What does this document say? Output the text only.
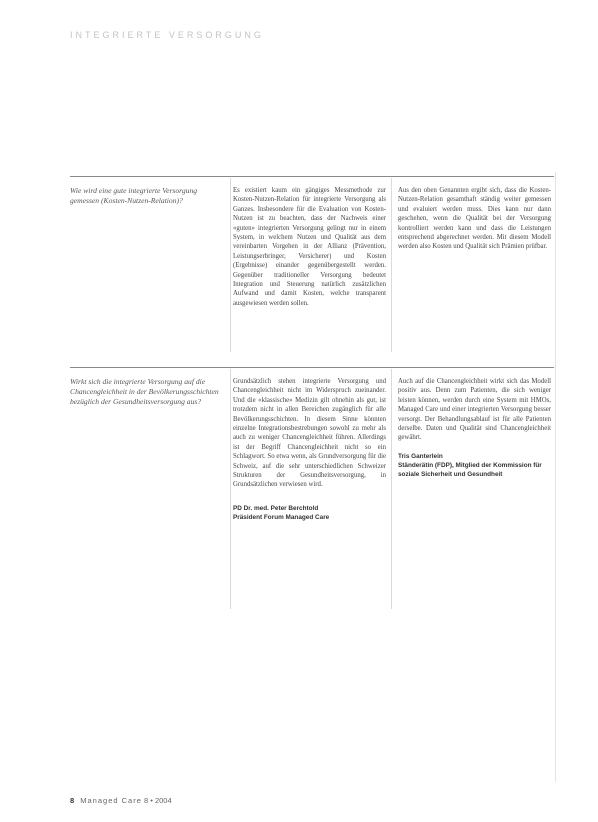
INTEGRIERTE VERSORGUNG
Wie wird eine gute integrierte Versorgung gemessen (Kosten-Nutzen-Relation)?
Es existiert kaum ein gängiges Messmethode zur Kosten-Nutzen-Relation für integrierte Versorgung als Ganzes. Insbesondere für die Evaluation von Kosten-Nutzen ist zu beachten, dass der Nachweis einer «guten» integrierten Versorgung gelingt nur in einem System, in welchem Nutzen und Qualität aus dem vereinbarten Vorgehen in der Allianz (Prävention, Leistungserbringer, Versicherer) und Kosten (Ergebnisse) einander gegenübergestellt werden. Gegenüber traditioneller Versorgung bedeutet Integration und Steuerung natürlich zusätzlichen Aufwand und damit Kosten, welche transparent ausgewiesen werden sollen.
Aus den oben Genannten ergibt sich, dass die Kosten-Nutzen-Relation gesamthaft ständig weiter gemessen und evaluiert werden muss. Dies kann nur dann geschehen, wenn die Qualität bei der Versorgung kontrolliert werden kann und dass die Leistungen entsprechend abgerechnet werden. Mit diesem Modell werden also Kosten und Qualität sich Prämien prüfbar.
Wirkt sich die integrierte Versorgung auf die Chancengleichheit in der Bevölkerungsschichten bezüglich der Gesundheitsversorgung aus?
Grundsätzlich stehen integrierte Versorgung und Chancengleichheit nicht im Widerspruch zueinander. Und die «klassische» Medizin gilt ohnehin als gut, ist trotzdem nicht in allen Bereichen zugänglich für alle Bevölkerungsschichten. In diesem Sinne könnten einzelne Integrationsbestrebungen sowohl zu mehr als auch zu weniger Chancengleichheit führen. Allerdings ist der Begriff Chancengleichheit nicht so ein Schlagwort. So etwa wenn, als Grundversorgung für die Schweiz, auf die sehr unterschiedlichen Schweizer Strukturen der Gesundheitsversorgung, in Grundsätzlichen verwiesen wird.
PD Dr. med. Peter Berchtold
Präsident Forum Managed Care
Auch auf die Chancengleichheit wirkt sich das Modell positiv aus. Denn zum Patienten, die sich weniger leisten können, werden durch eine System mit HMOs, Managed Care und einer integrierten Versorgung besser versorgt. Der Behandlungsablauf ist für alle Patienten derselbe. Daten und Qualität sind Chancengleichheit gewährt.
Tris Ganterlein
Ständerätin (FDP), Mitglied der Kommission für soziale Sicherheit und Gesundheit
8 Managed Care 8 • 2004
